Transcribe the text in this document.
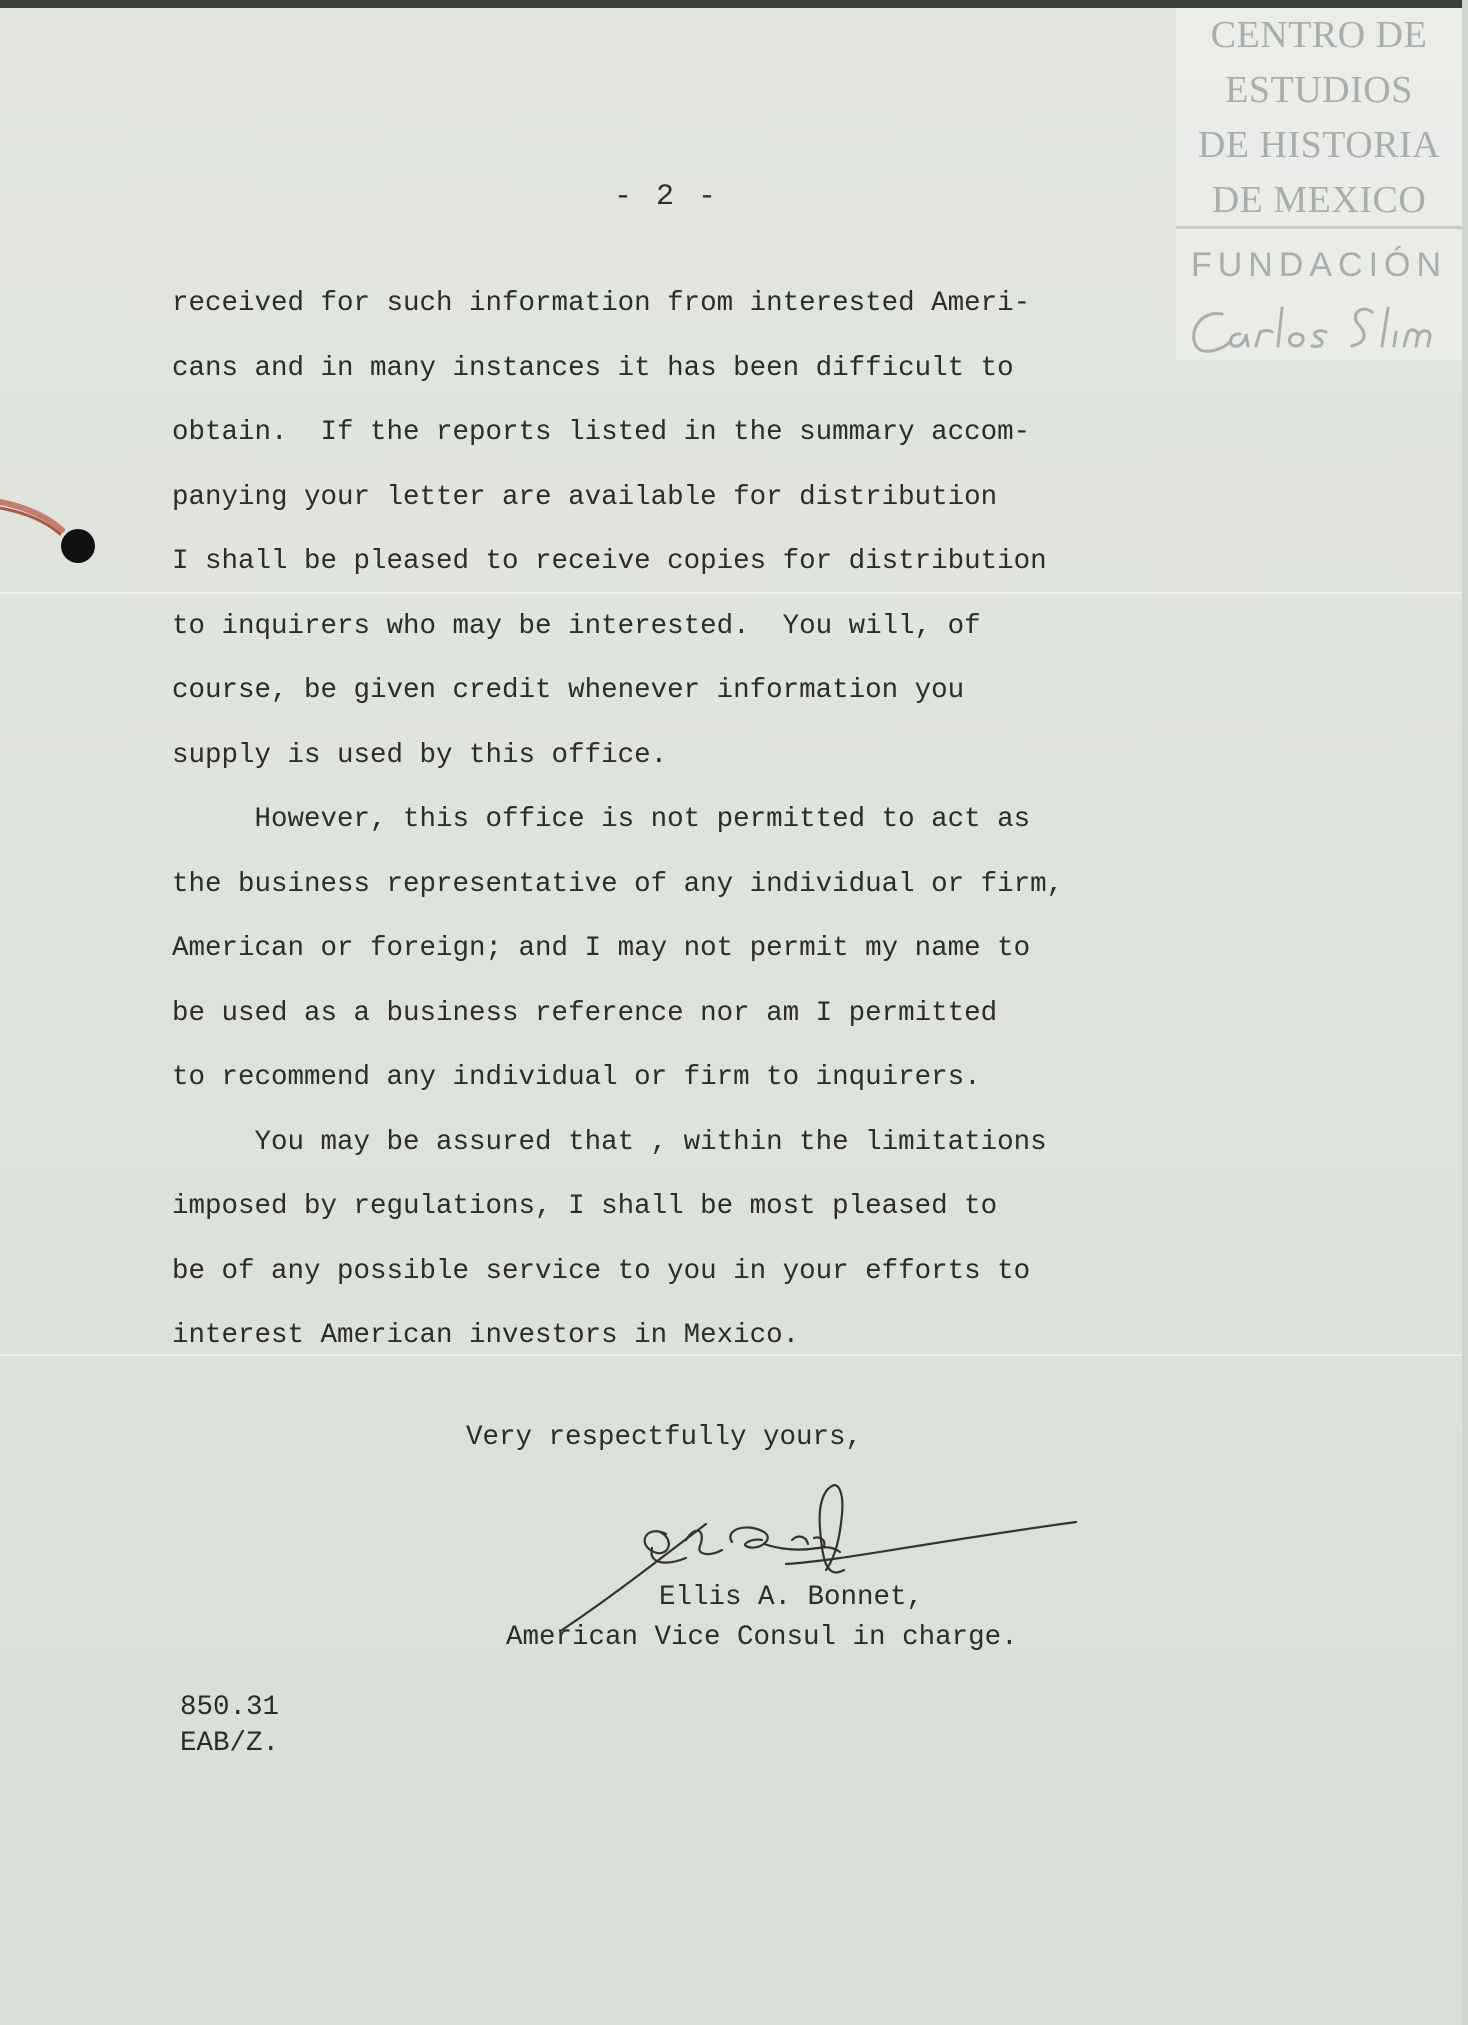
CENTRO DE
ESTUDIOS
DE HISTORIA
DE MEXICO
FUNDACIÓN
- 2 -
received for such information from interested Ameri-
cans and in many instances it has been difficult to
obtain.  If the reports listed in the summary accom-
panying your letter are available for distribution
I shall be pleased to receive copies for distribution
to inquirers who may be interested.  You will, of
course, be given credit whenever information you
supply is used by this office.
However, this office is not permitted to act as
the business representative of any individual or firm,
American or foreign; and I may not permit my name to
be used as a business reference nor am I permitted
to recommend any individual or firm to inquirers.
You may be assured that , within the limitations
imposed by regulations, I shall be most pleased to
be of any possible service to you in your efforts to
interest American investors in Mexico.
Very respectfully yours,
Ellis A. Bonnet,
American Vice Consul in charge.
850.31
EAB/Z.
